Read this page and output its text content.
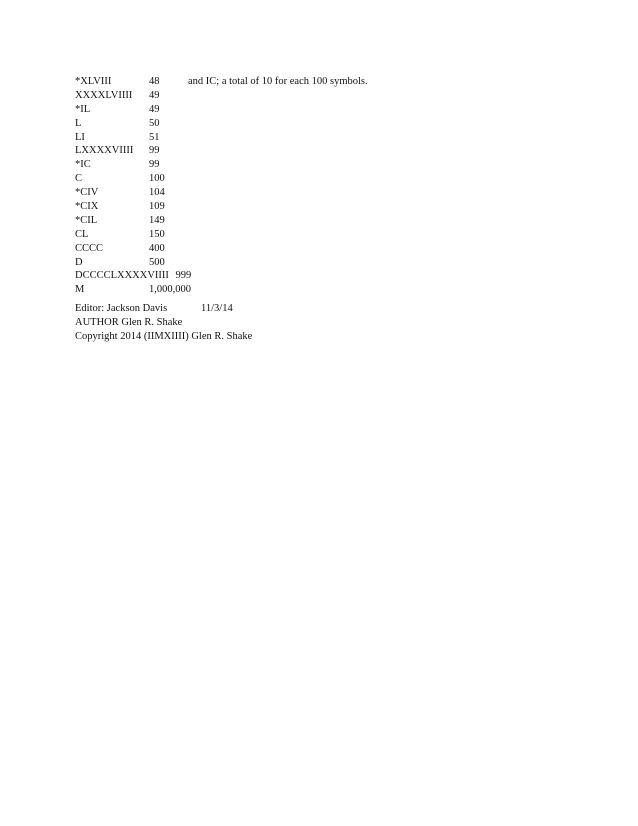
*XLVIII	48	and IC; a total of 10 for each 100 symbols.
XXXXLVIIII 49
*IL	49
L	50
LI	51
LXXXXVIIII 99
*IC	99
C	100
*CIV	104
*CIX	109
*CIL	149
CL	150
CCCC	400
D	500
DCCCCLXXXXVIIII 999
M	1,000,000
Editor: Jackson Davis	11/3/14
AUTHOR Glen R. Shake
Copyright 2014 (IIMXIIII) Glen R. Shake
